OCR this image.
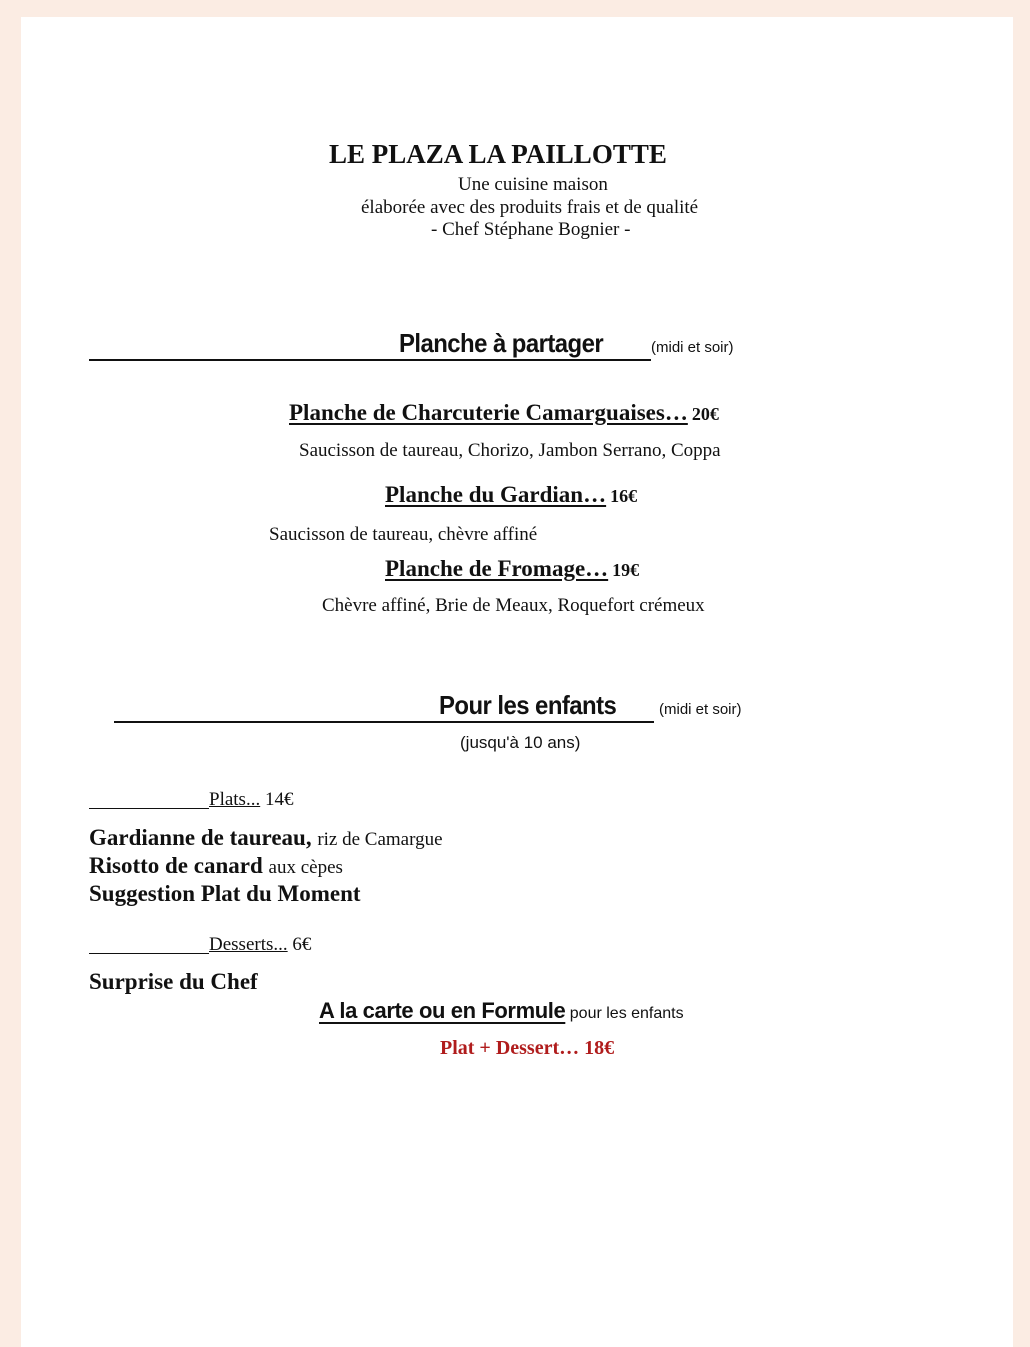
LE PLAZA LA PAILLOTTE
Une cuisine maison
élaborée avec des produits frais et de qualité
- Chef Stéphane Bognier -
Planche à partager	(midi et soir)
Planche de Charcuterie Camarguaises… 20€
Saucisson de taureau, Chorizo, Jambon Serrano, Coppa
Planche du Gardian… 16€
Saucisson de taureau, chèvre affiné
Planche de Fromage… 19€
Chèvre affiné, Brie de Meaux, Roquefort crémeux
Pour les enfants	(midi et soir)
(jusqu'à 10 ans)
Plats... 14€
Gardianne de taureau, riz de Camargue
Risotto de canard aux cèpes
Suggestion Plat du Moment
Desserts... 6€
Surprise du Chef
A la carte ou en Formule pour les enfants
Plat + Dessert… 18€
